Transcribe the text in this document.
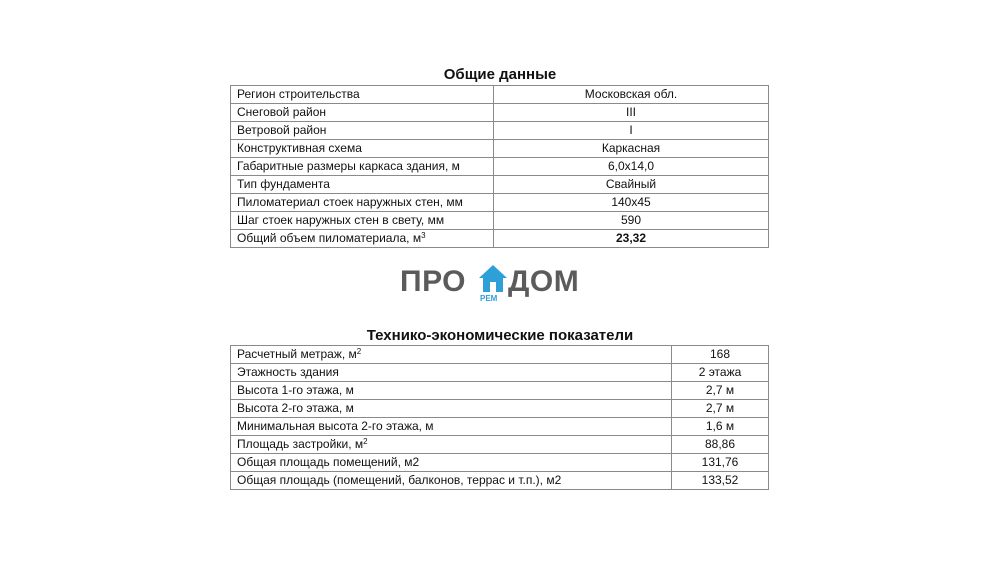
Общие данные
Регион строительства	Московская обл.
Снеговой район	III
Ветровой район	I
Конструктивная схема	Каркасная
Габаритные размеры каркаса здания, м	6,0х14,0
Тип фундамента	Свайный
Пиломатериал стоек наружных стен, мм	140х45
Шаг стоек наружных стен в свету, мм	590
Общий объем пиломатериала, $м^3$	23,32
ПРО
РЕМ
ДОМ
Технико-экономические показатели
Расчетный метраж, $м^2$	168
Этажность здания	2 этажа
Высота 1-го этажа, м	2,7 м
Высота 2-го этажа, м	2,7 м
Минимальная высота 2-го этажа, м	1,6 м
Площадь застройки, $м^2$	88,86
Общая площадь помещений, м2	131,76
Общая площадь (помещений, балконов, террас и т.п.), м2	133,52
